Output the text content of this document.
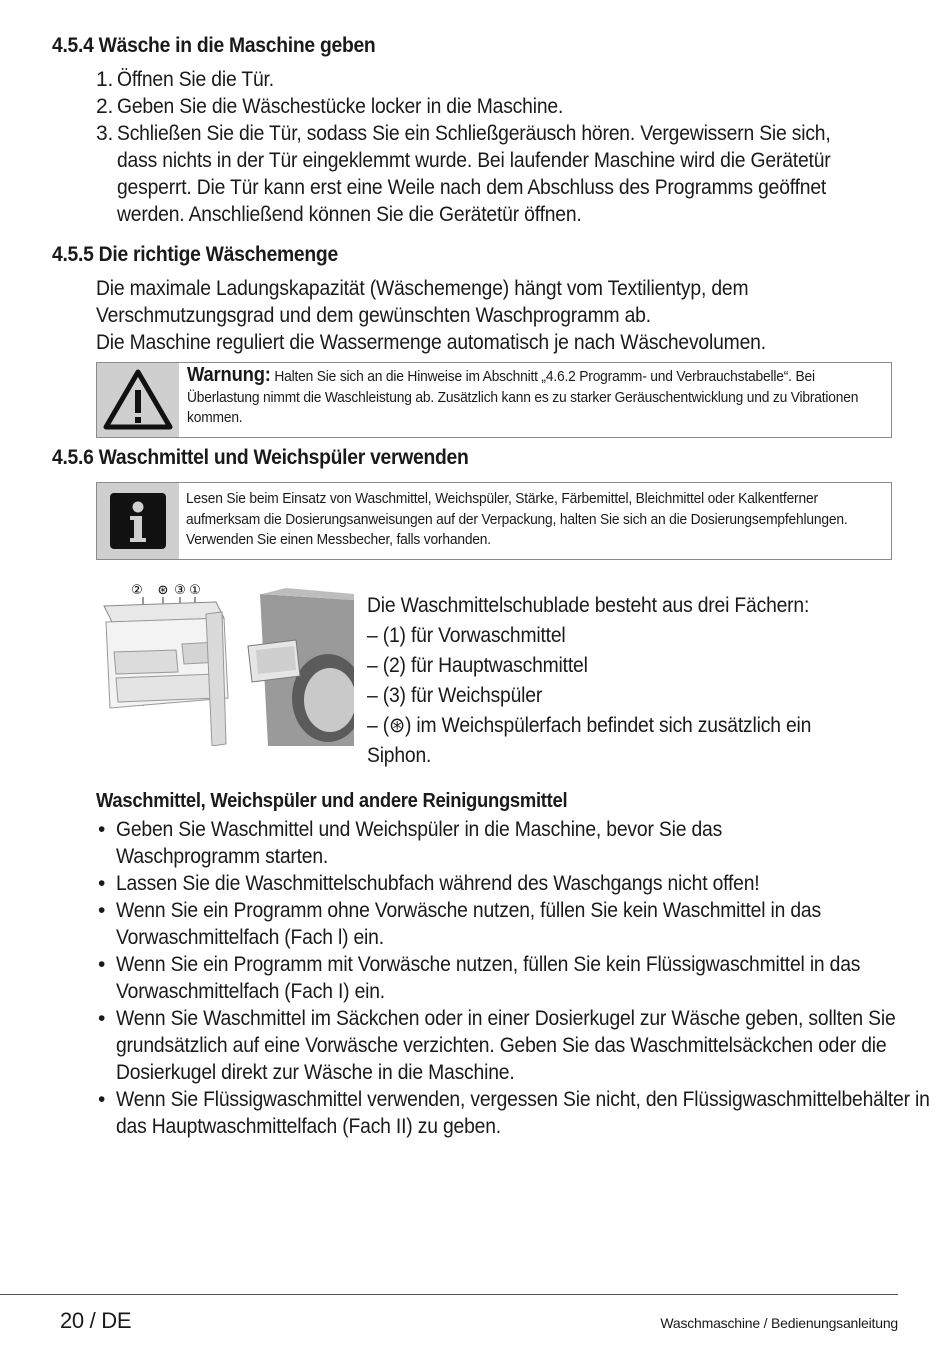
4.5.4 Wäsche in die Maschine geben
1. Öffnen Sie die Tür.
2. Geben Sie die Wäschestücke locker in die Maschine.
3. Schließen Sie die Tür, sodass Sie ein Schließgeräusch hören. Vergewissern Sie sich, dass nichts in der Tür eingeklemmt wurde. Bei laufender Maschine wird die Gerätetür gesperrt. Die Tür kann erst eine Weile nach dem Abschluss des Programms geöffnet werden. Anschließend können Sie die Gerätetür öffnen.
4.5.5 Die richtige Wäschemenge
Die maximale Ladungskapazität (Wäschemenge) hängt vom Textilientyp, dem Verschmutzungsgrad und dem gewünschten Waschprogramm ab.
Die Maschine reguliert die Wassermenge automatisch je nach Wäschevolumen.
Warnung: Halten Sie sich an die Hinweise im Abschnitt „4.6.2 Programm- und Verbrauchstabelle“. Bei Überlastung nimmt die Waschleistung ab. Zusätzlich kann es zu starker Geräuschentwicklung und zu Vibrationen kommen.
4.5.6 Waschmittel und Weichspüler verwenden
Lesen Sie beim Einsatz von Waschmittel, Weichspüler, Stärke, Färbemittel, Bleichmittel oder Kalkentferner aufmerksam die Dosierungsanweisungen auf der Verpackung, halten Sie sich an die Dosierungsempfehlungen. Verwenden Sie einen Messbecher, falls vorhanden.
② ⊛ ③ ①
Die Waschmittelschublade besteht aus drei Fächern:
– (1) für Vorwaschmittel
– (2) für Hauptwaschmittel
– (3) für Weichspüler
– (⊛) im Weichspülerfach befindet sich zusätzlich ein
Siphon.
Waschmittel, Weichspüler und andere Reinigungsmittel
• Geben Sie Waschmittel und Weichspüler in die Maschine, bevor Sie das Waschprogramm starten.
• Lassen Sie die Waschmittelschubfach während des Waschgangs nicht offen!
• Wenn Sie ein Programm ohne Vorwäsche nutzen, füllen Sie kein Waschmittel in das Vorwaschmittelfach (Fach l) ein.
• Wenn Sie ein Programm mit Vorwäsche nutzen, füllen Sie kein Flüssigwaschmittel in das Vorwaschmittelfach (Fach I) ein.
• Wenn Sie Waschmittel im Säckchen oder in einer Dosierkugel zur Wäsche geben, sollten Sie grundsätzlich auf eine Vorwäsche verzichten. Geben Sie das Waschmittelsäckchen oder die Dosierkugel direkt zur Wäsche in die Maschine.
• Wenn Sie Flüssigwaschmittel verwenden, vergessen Sie nicht, den Flüssigwaschmittelbehälter in das Hauptwaschmittelfach (Fach II) zu geben.
20 / DE	Waschmaschine / Bedienungsanleitung
